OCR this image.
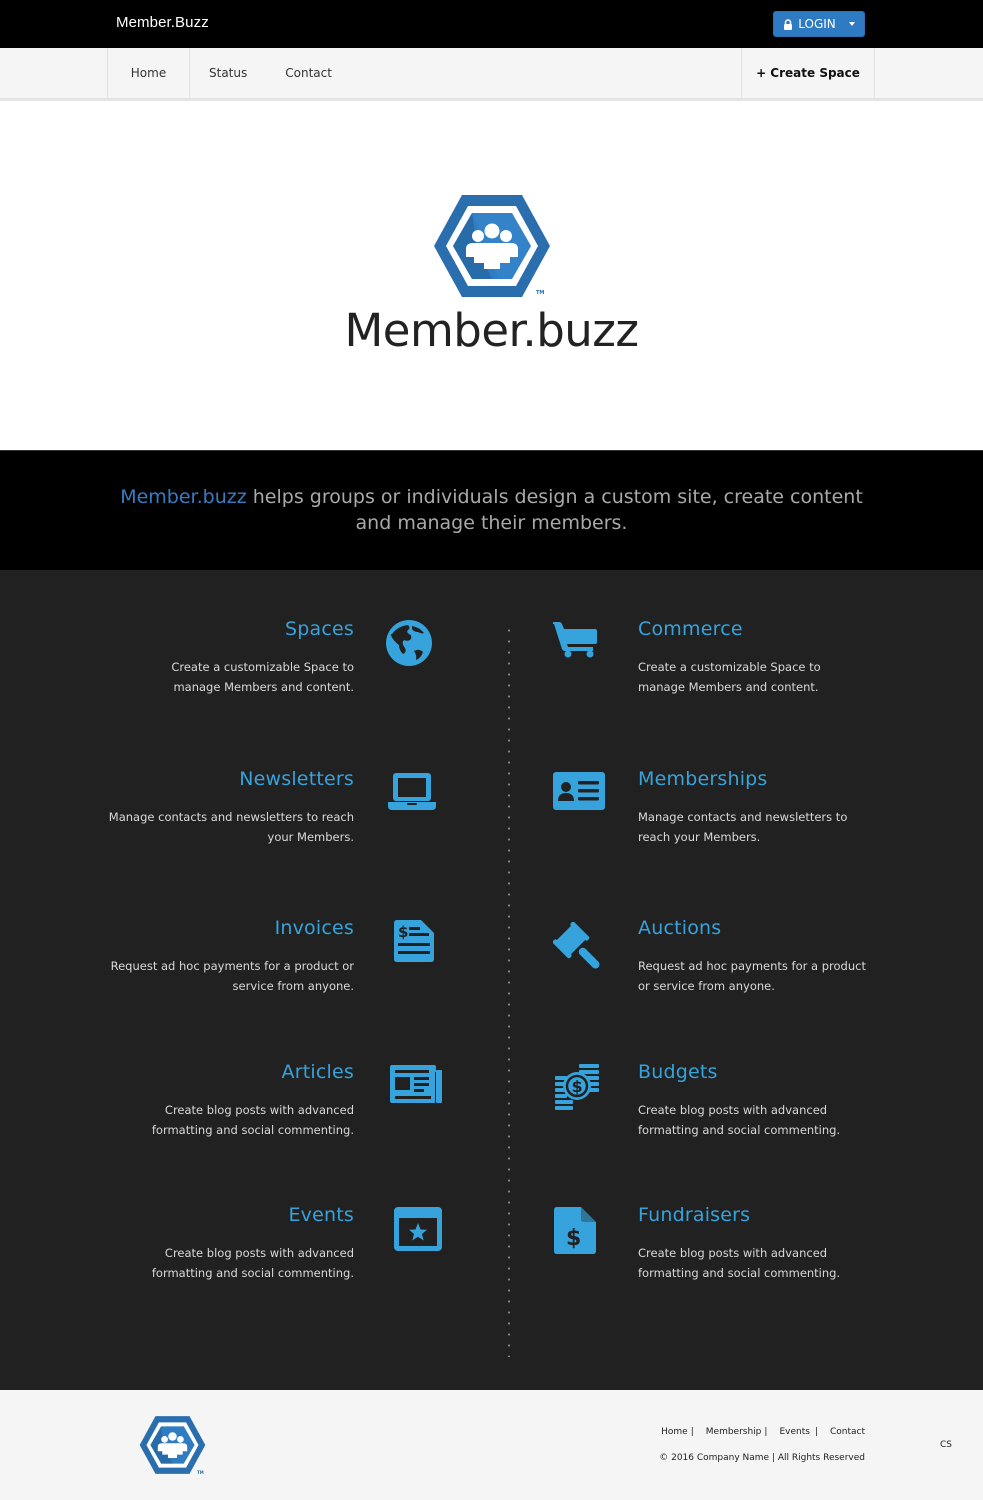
Member.Buzz	LOGIN
Home	Status	Contact	+ Create Space
TM
Member.buzz

Member.buzz helps groups or individuals design a custom site, create content and manage their members.

Spaces

Create a customizable Space to manage Members and content.

Newsletters

Manage contacts and newsletters to reach your Members.

Invoices

Request ad hoc payments for a product or service from anyone.

$
Articles

Create blog posts with advanced formatting and social commenting.

Events

Create blog posts with advanced formatting and social commenting.

Commerce

Create a customizable Space to manage Members and content.

Memberships

Manage contacts and newsletters to reach your Members.

Auctions

Request ad hoc payments for a product or service from anyone.

Budgets

Create blog posts with advanced formatting and social commenting.

$
Fundraisers

Create blog posts with advanced formatting and social commenting.

$
TM
Home | Membership | Events | Contact
© 2016 Company Name | All Rights Reserved
CS
